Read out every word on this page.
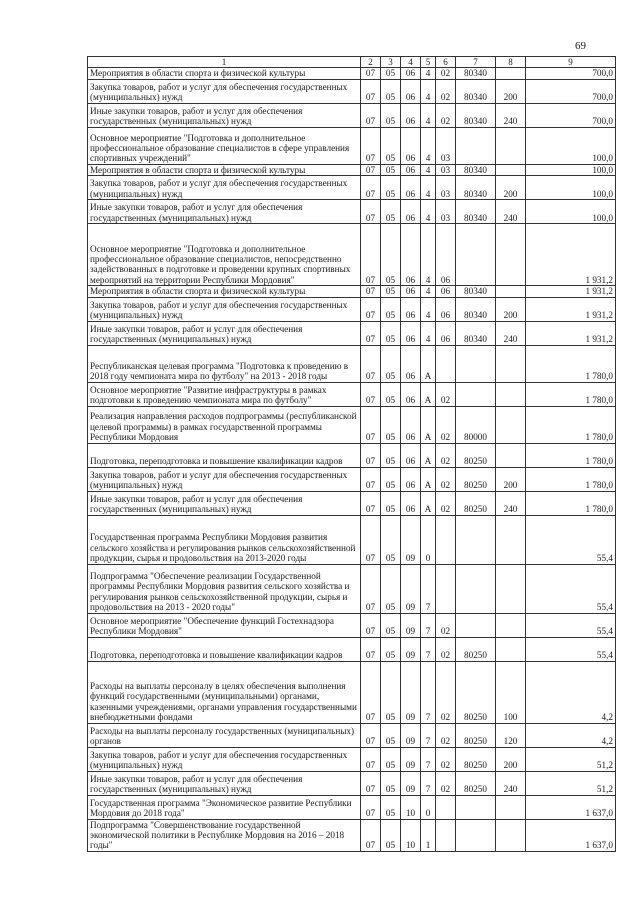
69
1	2	3	4	5	6	7	8	9
Мероприятия в области спорта и физической культуры	07	05	06	4	02	80340		700,0
Закупка товаров, работ и услуг для обеспечения государственных (муниципальных) нужд	07	05	06	4	02	80340	200	700,0
Иные закупки товаров, работ и услуг для обеспечения государственных (муниципальных) нужд	07	05	06	4	02	80340	240	700,0
Основное мероприятие "Подготовка и дополнительное профессиональное образование специалистов в сфере управления спортивных учреждений"	07	05	06	4	03			100,0
Мероприятия в области спорта и физической культуры	07	05	06	4	03	80340		100,0
Закупка товаров, работ и услуг для обеспечения государственных (муниципальных) нужд	07	05	06	4	03	80340	200	100,0
Иные закупки товаров, работ и услуг для обеспечения государственных (муниципальных) нужд	07	05	06	4	03	80340	240	100,0
Основное мероприятие "Подготовка и дополнительное профессиональное образование специалистов, непосредственно задействованных в подготовке и проведении крупных спортивных мероприятий на территории Республики Мордовия"	07	05	06	4	06			1 931,2
Мероприятия в области спорта и физической культуры	07	05	06	4	06	80340		1 931,2
Закупка товаров, работ и услуг для обеспечения государственных (муниципальных) нужд	07	05	06	4	06	80340	200	1 931,2
Иные закупки товаров, работ и услуг для обеспечения государственных (муниципальных) нужд	07	05	06	4	06	80340	240	1 931,2
Республиканская целевая программа "Подготовка к проведению в 2018 году чемпионата мира по футболу" на 2013 - 2018 годы	07	05	06	А				1 780,0
Основное мероприятие "Развитие инфраструктуры в рамках подготовки к проведению чемпионата мира по футболу"	07	05	06	А	02			1 780,0
Реализация направления расходов подпрограммы (республиканской целевой программы) в рамках государственной программы Республики Мордовия	07	05	06	А	02	80000		1 780,0
Подготовка, переподготовка и повышение квалификации кадров	07	05	06	А	02	80250		1 780,0
Закупка товаров, работ и услуг для обеспечения государственных (муниципальных) нужд	07	05	06	А	02	80250	200	1 780,0
Иные закупки товаров, работ и услуг для обеспечения государственных (муниципальных) нужд	07	05	06	А	02	80250	240	1 780,0
Государственная программа Республики Мордовия развития сельского хозяйства и регулирования рынков сельскохозяйственной продукции, сырья и продовольствия на 2013-2020 годы	07	05	09	0				55,4
Подпрограмма "Обеспечение реализации Государственной программы Республики Мордовия развития сельского хозяйства и регулирования рынков сельскохозяйственной продукции, сырья и продовольствия на 2013 - 2020 годы"	07	05	09	7				55,4
Основное мероприятие "Обеспечение функций Гостехнадзора Республики Мордовия"	07	05	09	7	02			55,4
Подготовка, переподготовка и повышение квалификации кадров	07	05	09	7	02	80250		55,4
Расходы на выплаты персоналу в целях обеспечения выполнения функций государственными (муниципальными) органами, казенными учреждениями, органами управления государственными внебюджетными фондами	07	05	09	7	02	80250	100	4,2
Расходы на выплаты персоналу государственных (муниципальных) органов	07	05	09	7	02	80250	120	4,2
Закупка товаров, работ и услуг для обеспечения государственных (муниципальных) нужд	07	05	09	7	02	80250	200	51,2
Иные закупки товаров, работ и услуг для обеспечения государственных (муниципальных) нужд	07	05	09	7	02	80250	240	51,2
Государственная программа "Экономическое развитие Республики Мордовия до 2018 года"	07	05	10	0				1 637,0
Подпрограмма "Совершенствование государственной экономической политики в Республике Мордовия на 2016 – 2018 годы"	07	05	10	1				1 637,0
